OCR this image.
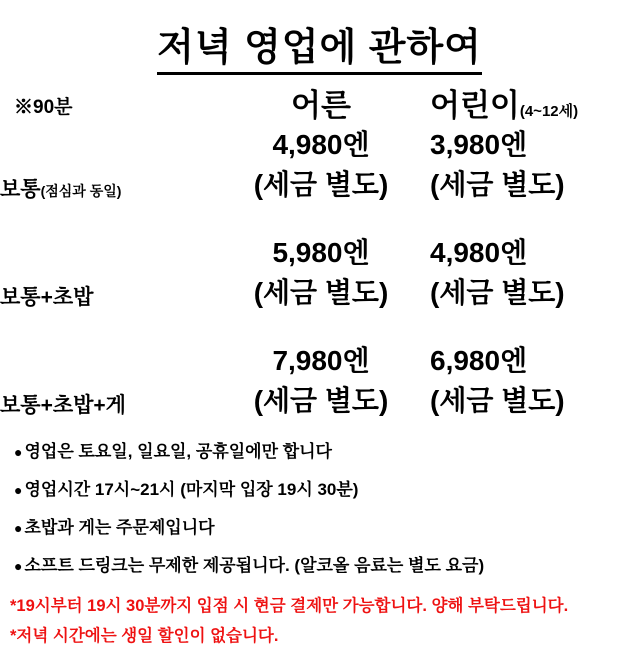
저녁 영업에 관하여
※90분	어른	어린이(4~12세)

보통(점심과 동일)	4,980엔(세금 별도)	3,980엔(세금 별도)

보통+초밥	5,980엔(세금 별도)	4,980엔(세금 별도)

보통+초밥+게	7,980엔(세금 별도)	6,980엔(세금 별도)
● 영업은 토요일, 일요일, 공휴일에만 합니다
● 영업시간 17시~21시 (마지막 입장 19시 30분)
● 초밥과 게는 주문제입니다
● 소프트 드링크는 무제한 제공됩니다. (알코올 음료는 별도 요금)
*19시부터 19시 30분까지 입점 시 현금 결제만 가능합니다. 양해 부탁드립니다.
*저녁 시간에는 생일 할인이 없습니다.
